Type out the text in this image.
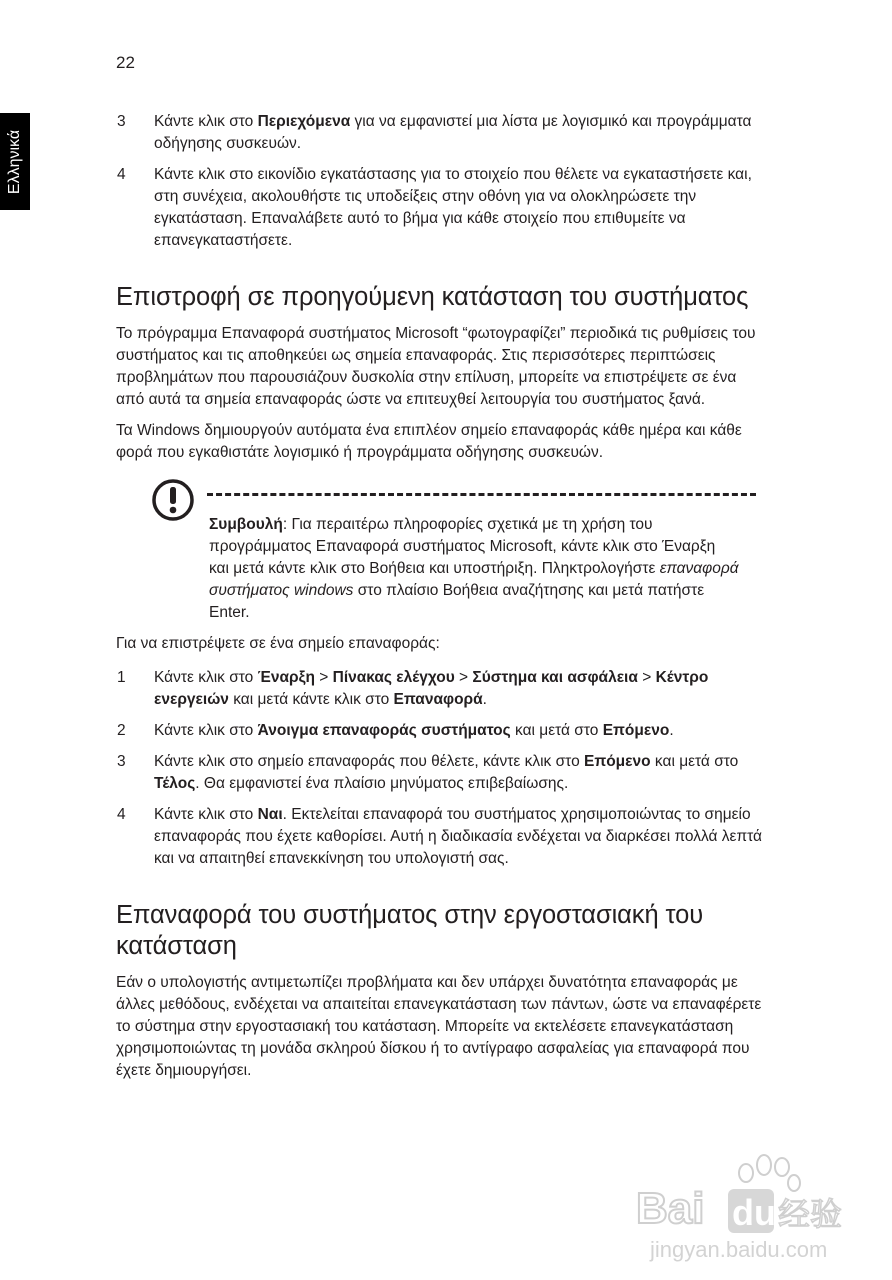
22
Ελληνικά
3 Κάντε κλικ στο Περιεχόμενα για να εμφανιστεί μια λίστα με λογισμικό και προγράμματα οδήγησης συσκευών.
4 Κάντε κλικ στο εικονίδιο εγκατάστασης για το στοιχείο που θέλετε να εγκαταστήσετε και, στη συνέχεια, ακολουθήστε τις υποδείξεις στην οθόνη για να ολοκληρώσετε την εγκατάσταση. Επαναλάβετε αυτό το βήμα για κάθε στοιχείο που επιθυμείτε να επανεγκαταστήσετε.
Επιστροφή σε προηγούμενη κατάσταση του συστήματος

Το πρόγραμμα Επαναφορά συστήματος Microsoft “φωτογραφίζει” περιοδικά τις ρυθμίσεις του συστήματος και τις αποθηκεύει ως σημεία επαναφοράς. Στις περισσότερες περιπτώσεις προβλημάτων που παρουσιάζουν δυσκολία στην επίλυση, μπορείτε να επιστρέψετε σε ένα από αυτά τα σημεία επαναφοράς ώστε να επιτευχθεί λειτουργία του συστήματος ξανά.

Τα Windows δημιουργούν αυτόματα ένα επιπλέον σημείο επαναφοράς κάθε ημέρα και κάθε φορά που εγκαθιστάτε λογισμικό ή προγράμματα οδήγησης συσκευών.

Συμβουλή: Για περαιτέρω πληροφορίες σχετικά με τη χρήση του προγράμματος Επαναφορά συστήματος Microsoft, κάντε κλικ στο Έναρξη και μετά κάντε κλικ στο Βοήθεια και υποστήριξη. Πληκτρολογήστε επαναφορά συστήματος windows στο πλαίσιο Βοήθεια αναζήτησης και μετά πατήστε Enter.

Για να επιστρέψετε σε ένα σημείο επαναφοράς:

1 Κάντε κλικ στο Έναρξη > Πίνακας ελέγχου > Σύστημα και ασφάλεια > Κέντρο ενεργειών και μετά κάντε κλικ στο Επαναφορά.
2 Κάντε κλικ στο Άνοιγμα επαναφοράς συστήματος και μετά στο Επόμενο.
3 Κάντε κλικ στο σημείο επαναφοράς που θέλετε, κάντε κλικ στο Επόμενο και μετά στο Τέλος. Θα εμφανιστεί ένα πλαίσιο μηνύματος επιβεβαίωσης.
4 Κάντε κλικ στο Ναι. Εκτελείται επαναφορά του συστήματος χρησιμοποιώντας το σημείο επαναφοράς που έχετε καθορίσει. Αυτή η διαδικασία ενδέχεται να διαρκέσει πολλά λεπτά και να απαιτηθεί επανεκκίνηση του υπολογιστή σας.
Επαναφορά του συστήματος στην εργοστασιακή του κατάσταση

Εάν ο υπολογιστής αντιμετωπίζει προβλήματα και δεν υπάρχει δυνατότητα επαναφοράς με άλλες μεθόδους, ενδέχεται να απαιτείται επανεγκατάσταση των πάντων, ώστε να επαναφέρετε το σύστημα στην εργοστασιακή του κατάσταση. Μπορείτε να εκτελέσετε επανεγκατάσταση χρησιμοποιώντας τη μονάδα σκληρού δίσκου ή το αντίγραφο ασφαλείας για επαναφορά που έχετε δημιουργήσει.

Bai du 经验
jingyan.baidu.com
